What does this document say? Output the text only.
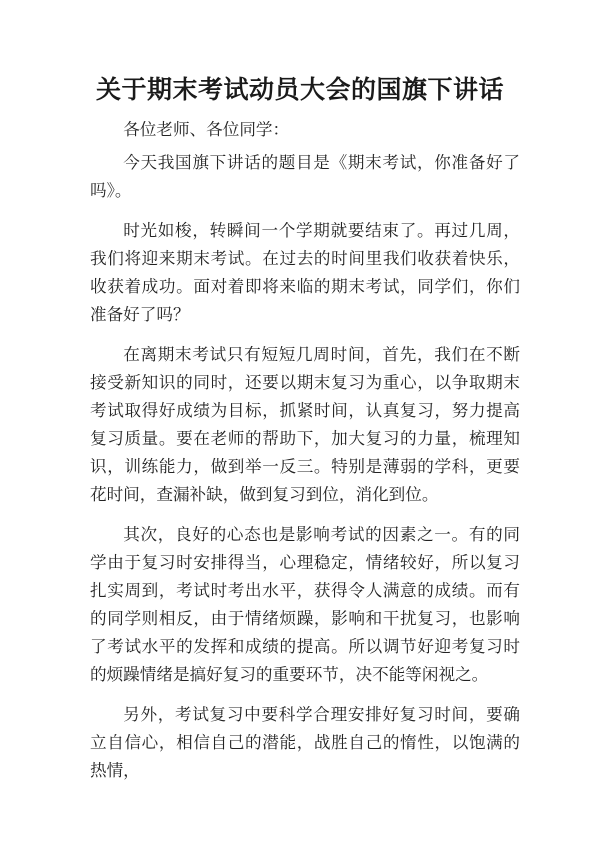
关于期末考试动员大会的国旗下讲话

各位老师、各位同学：

今天我国旗下讲话的题目是《期末考试，你准备好了吗》。

时光如梭，转瞬间一个学期就要结束了。再过几周，我们将迎来期末考试。在过去的时间里我们收获着快乐，收获着成功。面对着即将来临的期末考试，同学们，你们准备好了吗？

在离期末考试只有短短几周时间，首先，我们在不断接受新知识的同时，还要以期末复习为重心，以争取期末考试取得好成绩为目标，抓紧时间，认真复习，努力提高复习质量。要在老师的帮助下，加大复习的力量，梳理知识，训练能力，做到举一反三。特别是薄弱的学科，更要花时间，查漏补缺，做到复习到位，消化到位。

其次，良好的心态也是影响考试的因素之一。有的同学由于复习时安排得当，心理稳定，情绪较好，所以复习扎实周到，考试时考出水平，获得令人满意的成绩。而有的同学则相反，由于情绪烦躁，影响和干扰复习，也影响了考试水平的发挥和成绩的提高。所以调节好迎考复习时的烦躁情绪是搞好复习的重要环节，决不能等闲视之。

另外，考试复习中要科学合理安排好复习时间，要确立自信心，相信自己的潜能，战胜自己的惰性，以饱满的热情，
